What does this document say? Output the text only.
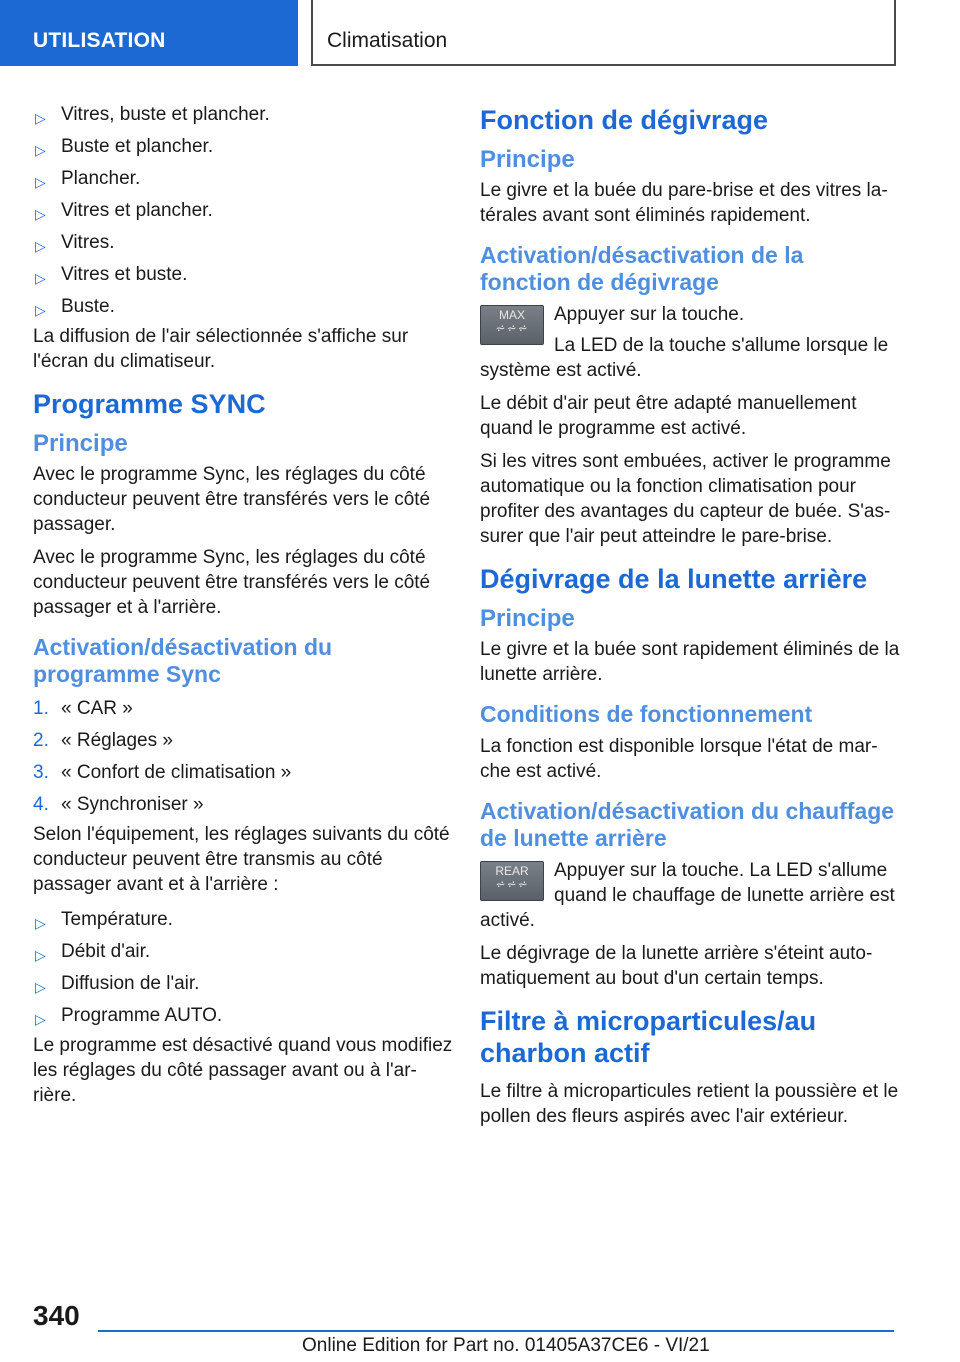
UTILISATION	Climatisation
▷ Vitres, buste et plancher.
▷ Buste et plancher.
▷ Plancher.
▷ Vitres et plancher.
▷ Vitres.
▷ Vitres et buste.
▷ Buste.

La diffusion de l'air sélectionnée s'affiche sur l'écran du climatiseur.

Programme SYNC
Principe

Avec le programme Sync, les réglages du côté conducteur peuvent être transférés vers le côté passager.

Avec le programme Sync, les réglages du côté conducteur peuvent être transférés vers le côté passager et à l'arrière.

Activation/désactivation du programme Sync
1. « CAR »
2. « Réglages »
3. « Confort de climatisation »
4. « Synchroniser »

Selon l'équipement, les réglages suivants du côté conducteur peuvent être transmis au côté passager avant et à l'arrière :

▷ Température.
▷ Débit d'air.
▷ Diffusion de l'air.
▷ Programme AUTO.

Le programme est désactivé quand vous modifiez les réglages du côté passager avant ou à l'arrière.

Fonction de dégivrage
Principe

Le givre et la buée du pare-brise et des vitres latérales avant sont éliminés rapidement.

Activation/désactivation de la fonction de dégivrage
MAX
⩫⩫⩫

Appuyer sur la touche.

La LED de la touche s'allume lorsque le système est activé.

Le débit d'air peut être adapté manuellement quand le programme est activé.

Si les vitres sont embuées, activer le programme automatique ou la fonction climatisation pour profiter des avantages du capteur de buée. S'assurer que l'air peut atteindre le pare-brise.

Dégivrage de la lunette arrière
Principe

Le givre et la buée sont rapidement éliminés de la lunette arrière.

Conditions de fonctionnement

La fonction est disponible lorsque l'état de marche est activé.

Activation/désactivation du chauffage de lunette arrière
REAR
⩫⩫⩫

Appuyer sur la touche. La LED s'allume quand le chauffage de lunette arrière est activé.

Le dégivrage de la lunette arrière s'éteint automatiquement au bout d'un certain temps.

Filtre à microparticules/au charbon actif

Le filtre à microparticules retient la poussière et le pollen des fleurs aspirés avec l'air extérieur.

340
Online Edition for Part no. 01405A37CE6 - VI/21
